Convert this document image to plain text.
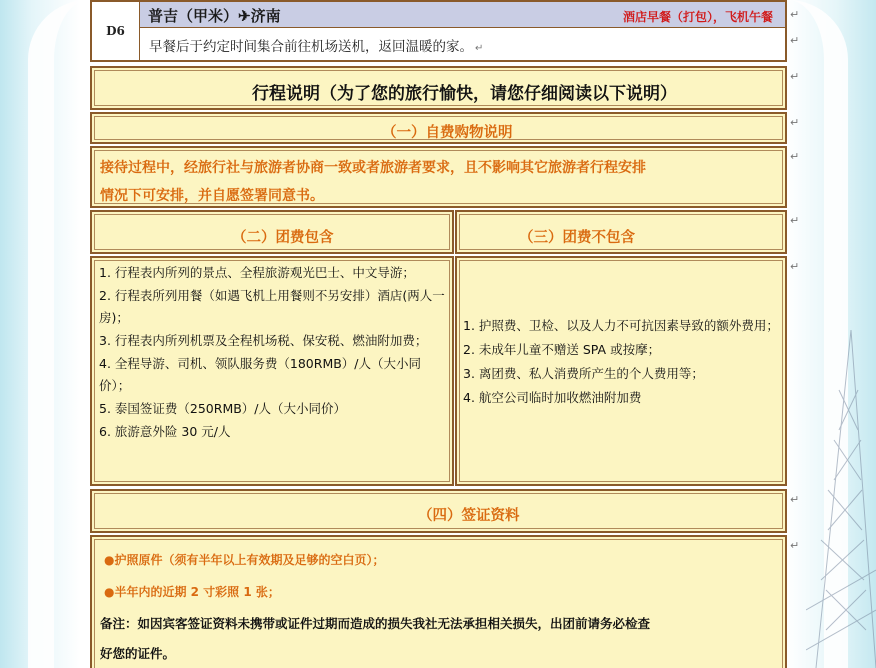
D6
普吉（甲米）✈济南	酒店早餐（打包），飞机午餐
早餐后于约定时间集合前往机场送机，返回温暖的家。 ↵
↵
↵
行程说明（为了您的旅行愉快，请您仔细阅读以下说明）
↵
（一）自费购物说明
↵
接待过程中，经旅行社与旅游者协商一致或者旅游者要求，且不影响其它旅游者行程安排
情况下可安排，并自愿签署同意书。
↵
（二）团费包含	（三）团费不包含
↵
1. 行程表内所列的景点、全程旅游观光巴士、中文导游；
2. 行程表所列用餐（如遇飞机上用餐则不另安排）酒店(两人一房)；
3. 行程表内所列机票及全程机场税、保安税、燃油附加费；
4. 全程导游、司机、领队服务费（180RMB）/人（大小同价）；
5. 泰国签证费（250RMB）/人（大小同价）
6. 旅游意外险 30 元/人
1. 护照费、卫检、以及人力不可抗因素导致的额外费用；
2. 未成年儿童不赠送 SPA 或按摩；
3. 离团费、私人消费所产生的个人费用等；
4. 航空公司临时加收燃油附加费
↵
（四）签证资料
↵
●护照原件（须有半年以上有效期及足够的空白页）；
●半年内的近期 2 寸彩照 1 张；
备注：如因宾客签证资料未携带或证件过期而造成的损失我社无法承担相关损失，出团前请务必检查
好您的证件。
↵
